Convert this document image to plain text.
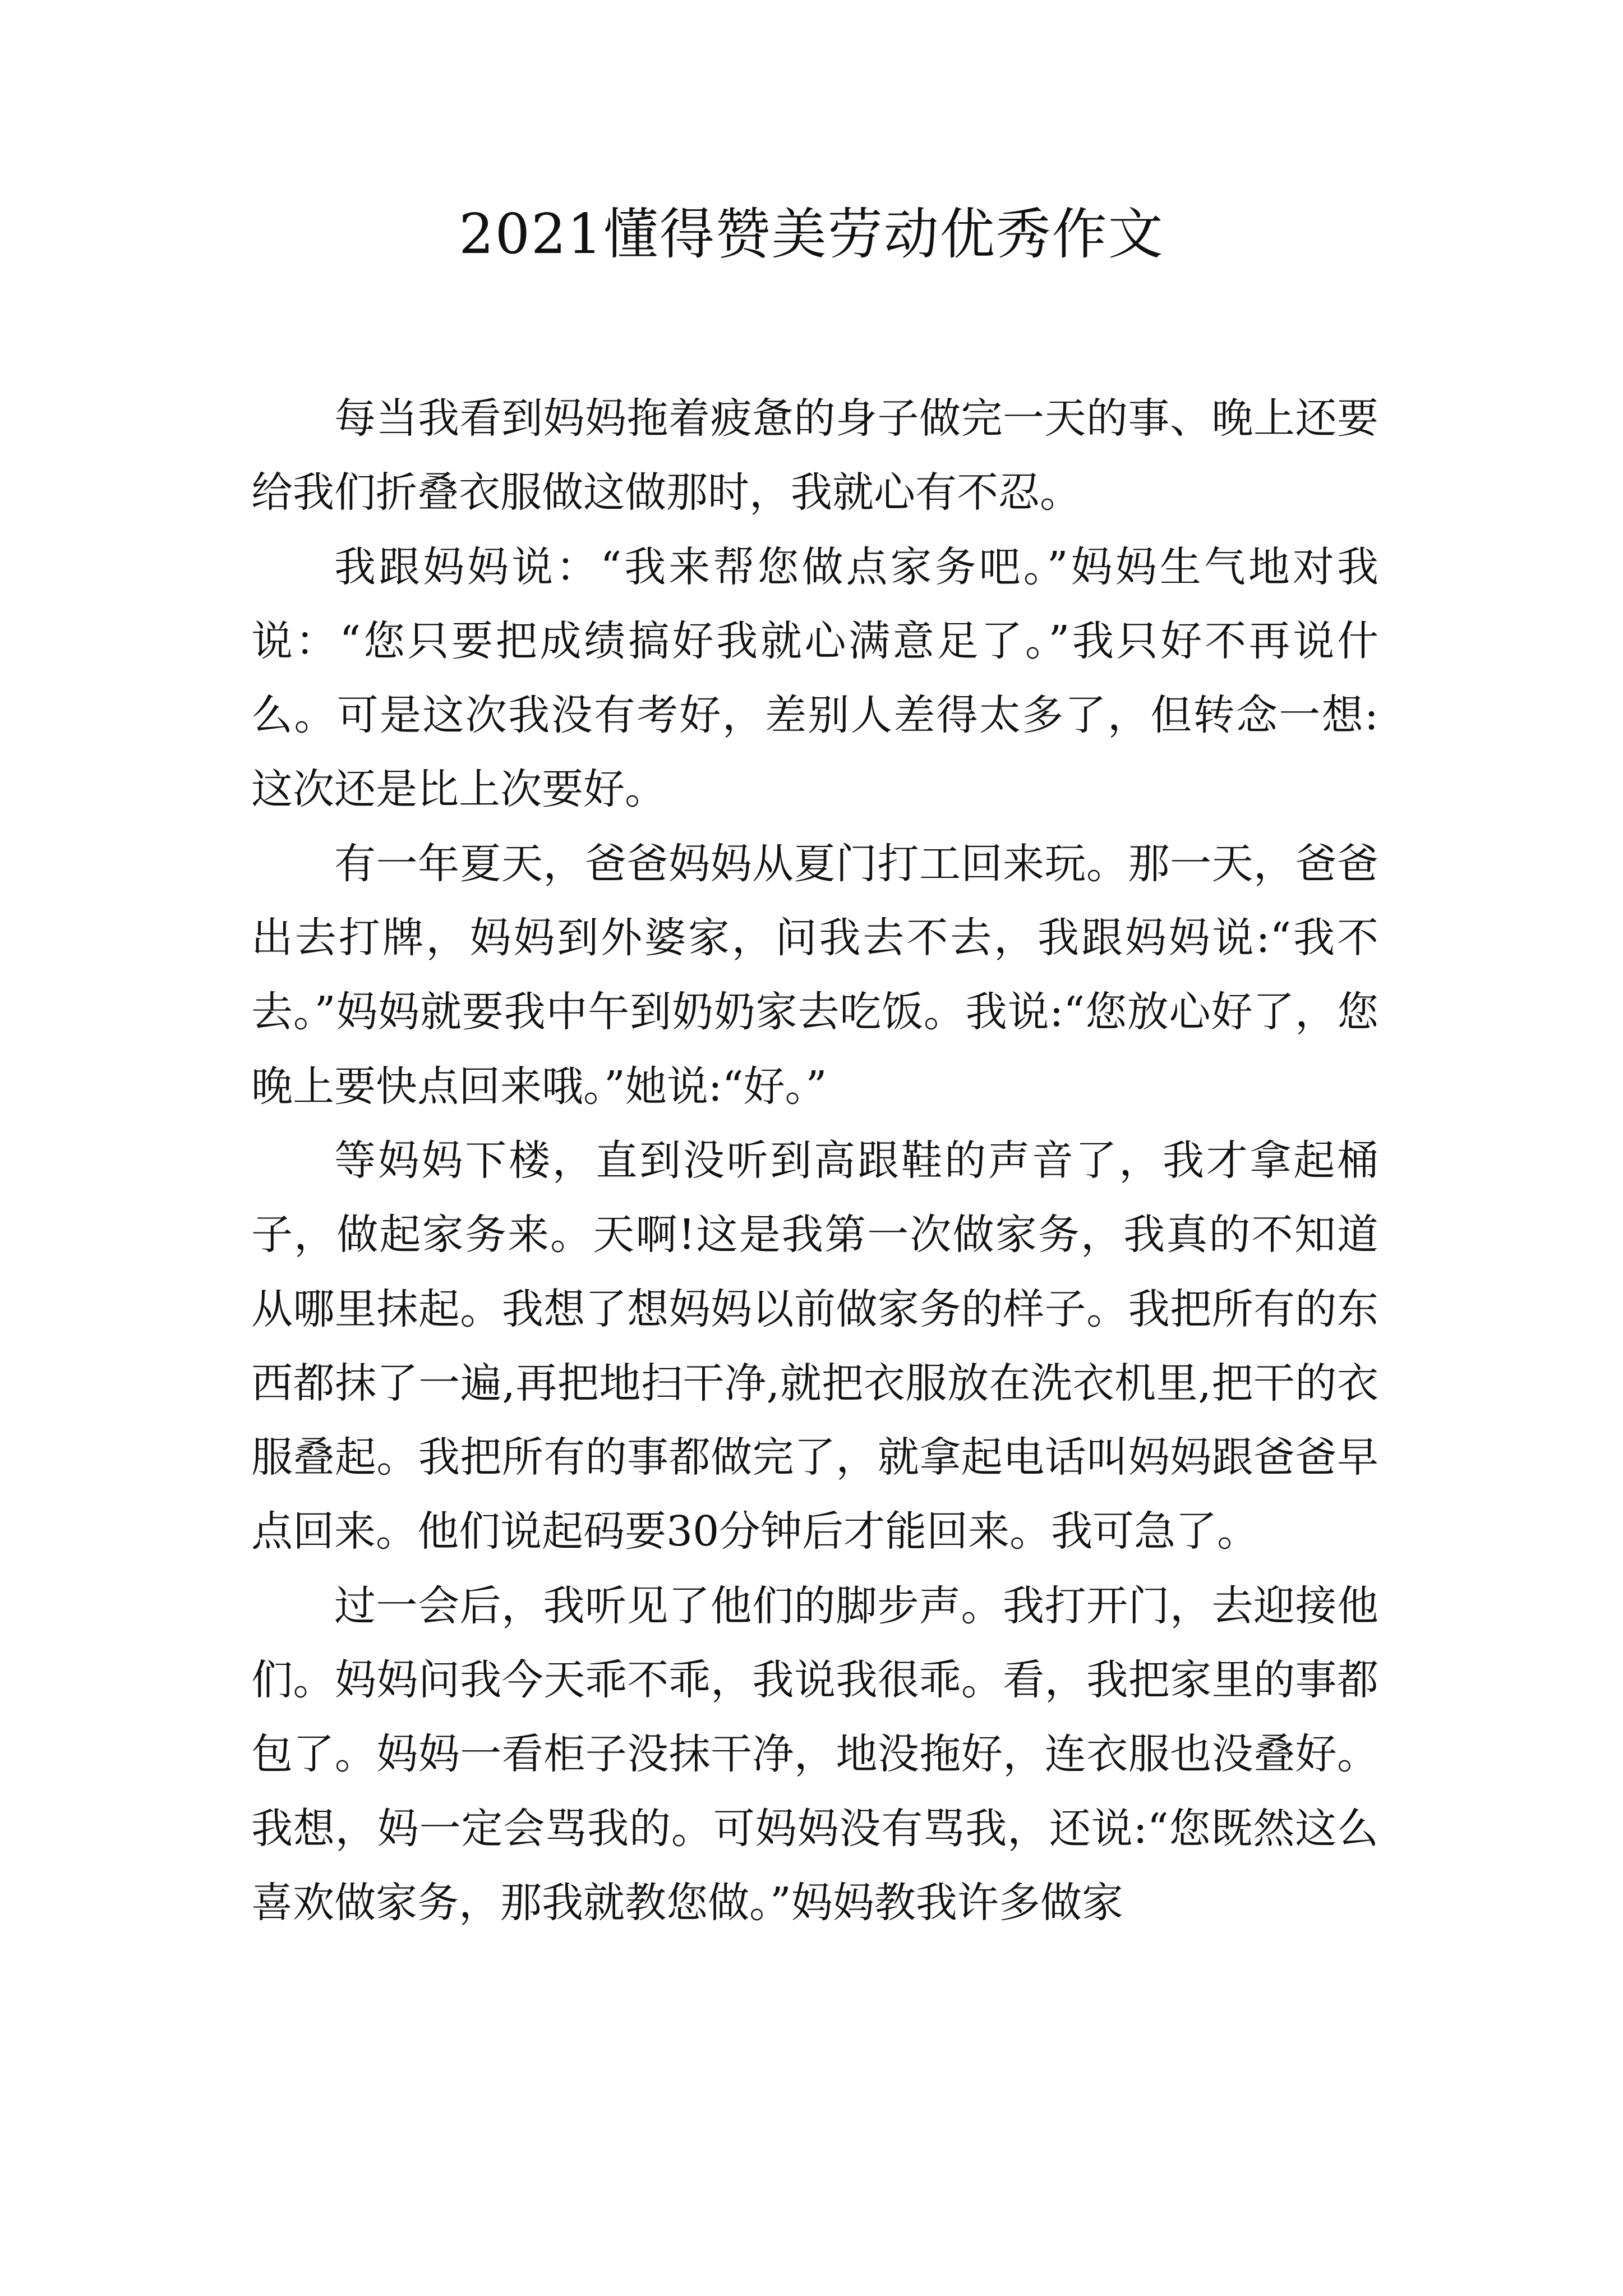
2021懂得赞美劳动优秀作文

每当我看到妈妈拖着疲惫的身子做完一天的事、晚上还要给我们折叠衣服做这做那时，我就心有不忍。

我跟妈妈说：“我来帮您做点家务吧。”妈妈生气地对我说：“您只要把成绩搞好我就心满意足了。”我只好不再说什么。可是这次我没有考好，差别人差得太多了，但转念一想:这次还是比上次要好。

有一年夏天，爸爸妈妈从夏门打工回来玩。那一天，爸爸出去打牌，妈妈到外婆家，问我去不去，我跟妈妈说:“我不去。”妈妈就要我中午到奶奶家去吃饭。我说:“您放心好了，您晚上要快点回来哦。”她说:“好。”

等妈妈下楼，直到没听到高跟鞋的声音了，我才拿起桶子，做起家务来。天啊!这是我第一次做家务，我真的不知道从哪里抹起。我想了想妈妈以前做家务的样子。我把所有的东西都抹了一遍,再把地扫干净,就把衣服放在洗衣机里,把干的衣服叠起。我把所有的事都做完了，就拿起电话叫妈妈跟爸爸早点回来。他们说起码要30分钟后才能回来。我可急了。

过一会后，我听见了他们的脚步声。我打开门，去迎接他们。妈妈问我今天乖不乖，我说我很乖。看，我把家里的事都包了。妈妈一看柜子没抹干净，地没拖好，连衣服也没叠好。我想，妈一定会骂我的。可妈妈没有骂我，还说:“您既然这么喜欢做家务，那我就教您做。”妈妈教我许多做家
